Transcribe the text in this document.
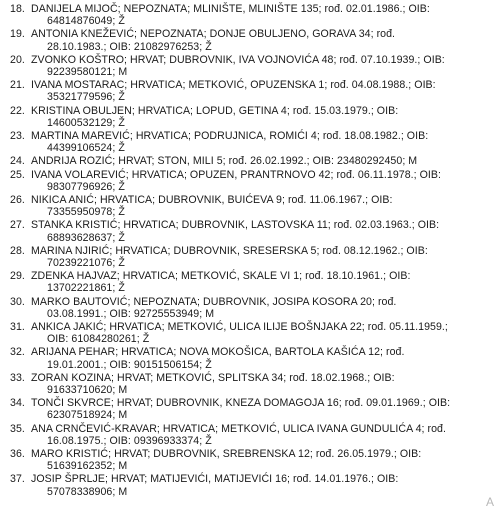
18. DANIJELA MIJOČ; NEPOZNATA; MLINIŠTE, MLINIŠTE 135; rođ. 02.01.1986.; OIB:
64814876049; Ž
19. ANTONIA KNEŽEVIĆ; NEPOZNATA; DONJE OBULJENO, GORAVA 34; rođ.
28.10.1983.; OIB: 21082976253; Ž
20. ZVONKO KOŠTRO; HRVAT; DUBROVNIK, IVA VOJNOVIĆA 48; rođ. 07.10.1939.; OIB:
92239580121; M
21. IVANA MOSTARAC; HRVATICA; METKOVIĆ, OPUZENSKA 1; rođ. 04.08.1988.; OIB:
35321779596; Ž
22. KRISTINA OBULJEN; HRVATICA; LOPUD, GETINA 4; rođ. 15.03.1979.; OIB:
14600532129; Ž
23. MARTINA MAREVIĆ; HRVATICA; PODRUJNICA, ROMIĆI 4; rođ. 18.08.1982.; OIB:
44399106524; Ž
24. ANDRIJA ROZIĆ; HRVAT; STON, MILI 5; rođ. 26.02.1992.; OIB: 23480292450; M
25. IVANA VOLAREVIĆ; HRVATICA; OPUZEN, PRANTRNOVO 42; rođ. 06.11.1978.; OIB:
98307796926; Ž
26. NIKICA ANIĆ; HRVATICA; DUBROVNIK, BUIĆEVA 9; rođ. 11.06.1967.; OIB:
73355950978; Ž
27. STANKA KRISTIĆ; HRVATICA; DUBROVNIK, LASTOVSKA 11; rođ. 02.03.1963.; OIB:
68893628637; Ž
28. MARINA NJIRIĆ; HRVATICA; DUBROVNIK, SRESERSKA 5; rođ. 08.12.1962.; OIB:
70239221076; Ž
29. ZDENKA HAJVAZ; HRVATICA; METKOVIĆ, SKALE VI 1; rođ. 18.10.1961.; OIB:
13702221861; Ž
30. MARKO BAUTOVIĆ; NEPOZNATA; DUBROVNIK, JOSIPA KOSORA 20; rođ.
03.08.1991.; OIB: 92725553949; M
31. ANKICA JAKIĆ; HRVATICA; METKOVIĆ, ULICA ILIJE BOŠNJAKA 22; rođ. 05.11.1959.;
OIB: 61084280261; Ž
32. ARIJANA PEHAR; HRVATICA; NOVA MOKOŠICA, BARTOLA KAŠIĆA 12; rođ.
19.01.2001.; OIB: 90151506154; Ž
33. ZORAN KOZINA; HRVAT; METKOVIĆ, SPLITSKA 34; rođ. 18.02.1968.; OIB:
91633710620; M
34. TONČI SKVRCE; HRVAT; DUBROVNIK, KNEZA DOMAGOJA 16; rođ. 09.01.1969.; OIB:
62307518924; M
35. ANA CRNČEVIĆ-KRAVAR; HRVATICA; METKOVIĆ, ULICA IVANA GUNDULIĆA 4; rođ.
16.08.1975.; OIB: 09396933374; Ž
36. MARO KRISTIĆ; HRVAT; DUBROVNIK, SREBRENSKA 12; rođ. 26.05.1979.; OIB:
51639162352; M
37. JOSIP ŠPRLJE; HRVAT; MATIJEVIĆI, MATIJEVIĆI 16; rođ. 14.01.1976.; OIB:
57078338906; M
A
